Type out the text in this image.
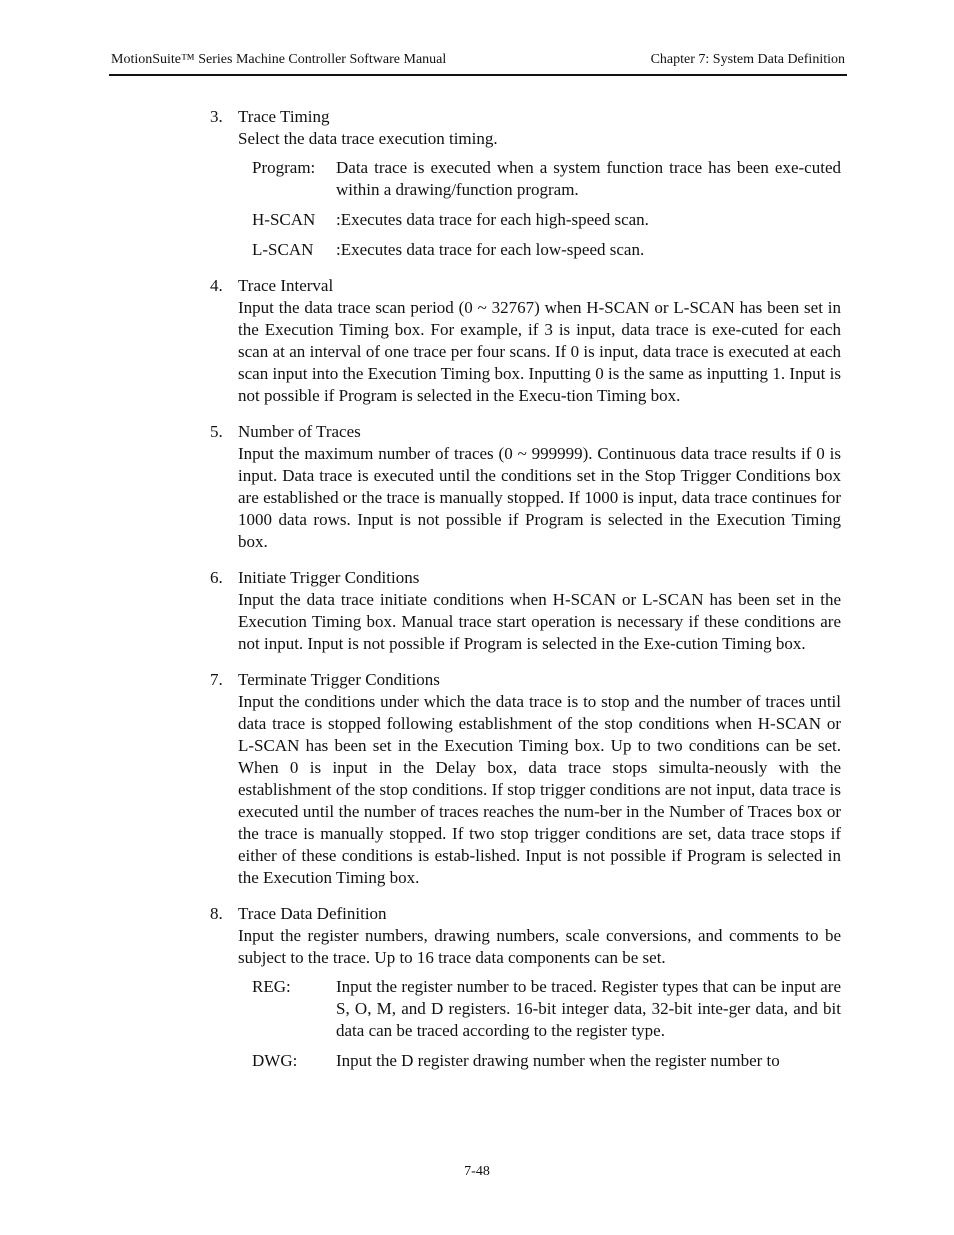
MotionSuite™ Series Machine Controller Software Manual	Chapter 7: System Data Definition
3. Trace Timing
Select the data trace execution timing.
Program:	Data trace is executed when a system function trace has been exe-cuted within a drawing/function program.
H-SCAN	:Executes data trace for each high-speed scan.
L-SCAN	:Executes data trace for each low-speed scan.
4. Trace Interval
Input the data trace scan period (0 ~ 32767) when H-SCAN or L-SCAN has been set in the Execution Timing box. For example, if 3 is input, data trace is exe-cuted for each scan at an interval of one trace per four scans. If 0 is input, data trace is executed at each scan input into the Execution Timing box. Inputting 0 is the same as inputting 1. Input is not possible if Program is selected in the Execu-tion Timing box.
5. Number of Traces
Input the maximum number of traces (0 ~ 999999). Continuous data trace results if 0 is input. Data trace is executed until the conditions set in the Stop Trigger Conditions box are established or the trace is manually stopped. If 1000 is input, data trace continues for 1000 data rows. Input is not possible if Program is selected in the Execution Timing box.
6. Initiate Trigger Conditions
Input the data trace initiate conditions when H-SCAN or L-SCAN has been set in the Execution Timing box. Manual trace start operation is necessary if these conditions are not input. Input is not possible if Program is selected in the Exe-cution Timing box.
7. Terminate Trigger Conditions
Input the conditions under which the data trace is to stop and the number of traces until data trace is stopped following establishment of the stop conditions when H-SCAN or L-SCAN has been set in the Execution Timing box. Up to two conditions can be set. When 0 is input in the Delay box, data trace stops simulta-neously with the establishment of the stop conditions. If stop trigger conditions are not input, data trace is executed until the number of traces reaches the num-ber in the Number of Traces box or the trace is manually stopped. If two stop trigger conditions are set, data trace stops if either of these conditions is estab-lished. Input is not possible if Program is selected in the Execution Timing box.
8. Trace Data Definition
Input the register numbers, drawing numbers, scale conversions, and comments to be subject to the trace. Up to 16 trace data components can be set.
REG:	Input the register number to be traced. Register types that can be input are S, O, M, and D registers. 16-bit integer data, 32-bit inte-ger data, and bit data can be traced according to the register type.
DWG:	Input the D register drawing number when the register number to
7-48
